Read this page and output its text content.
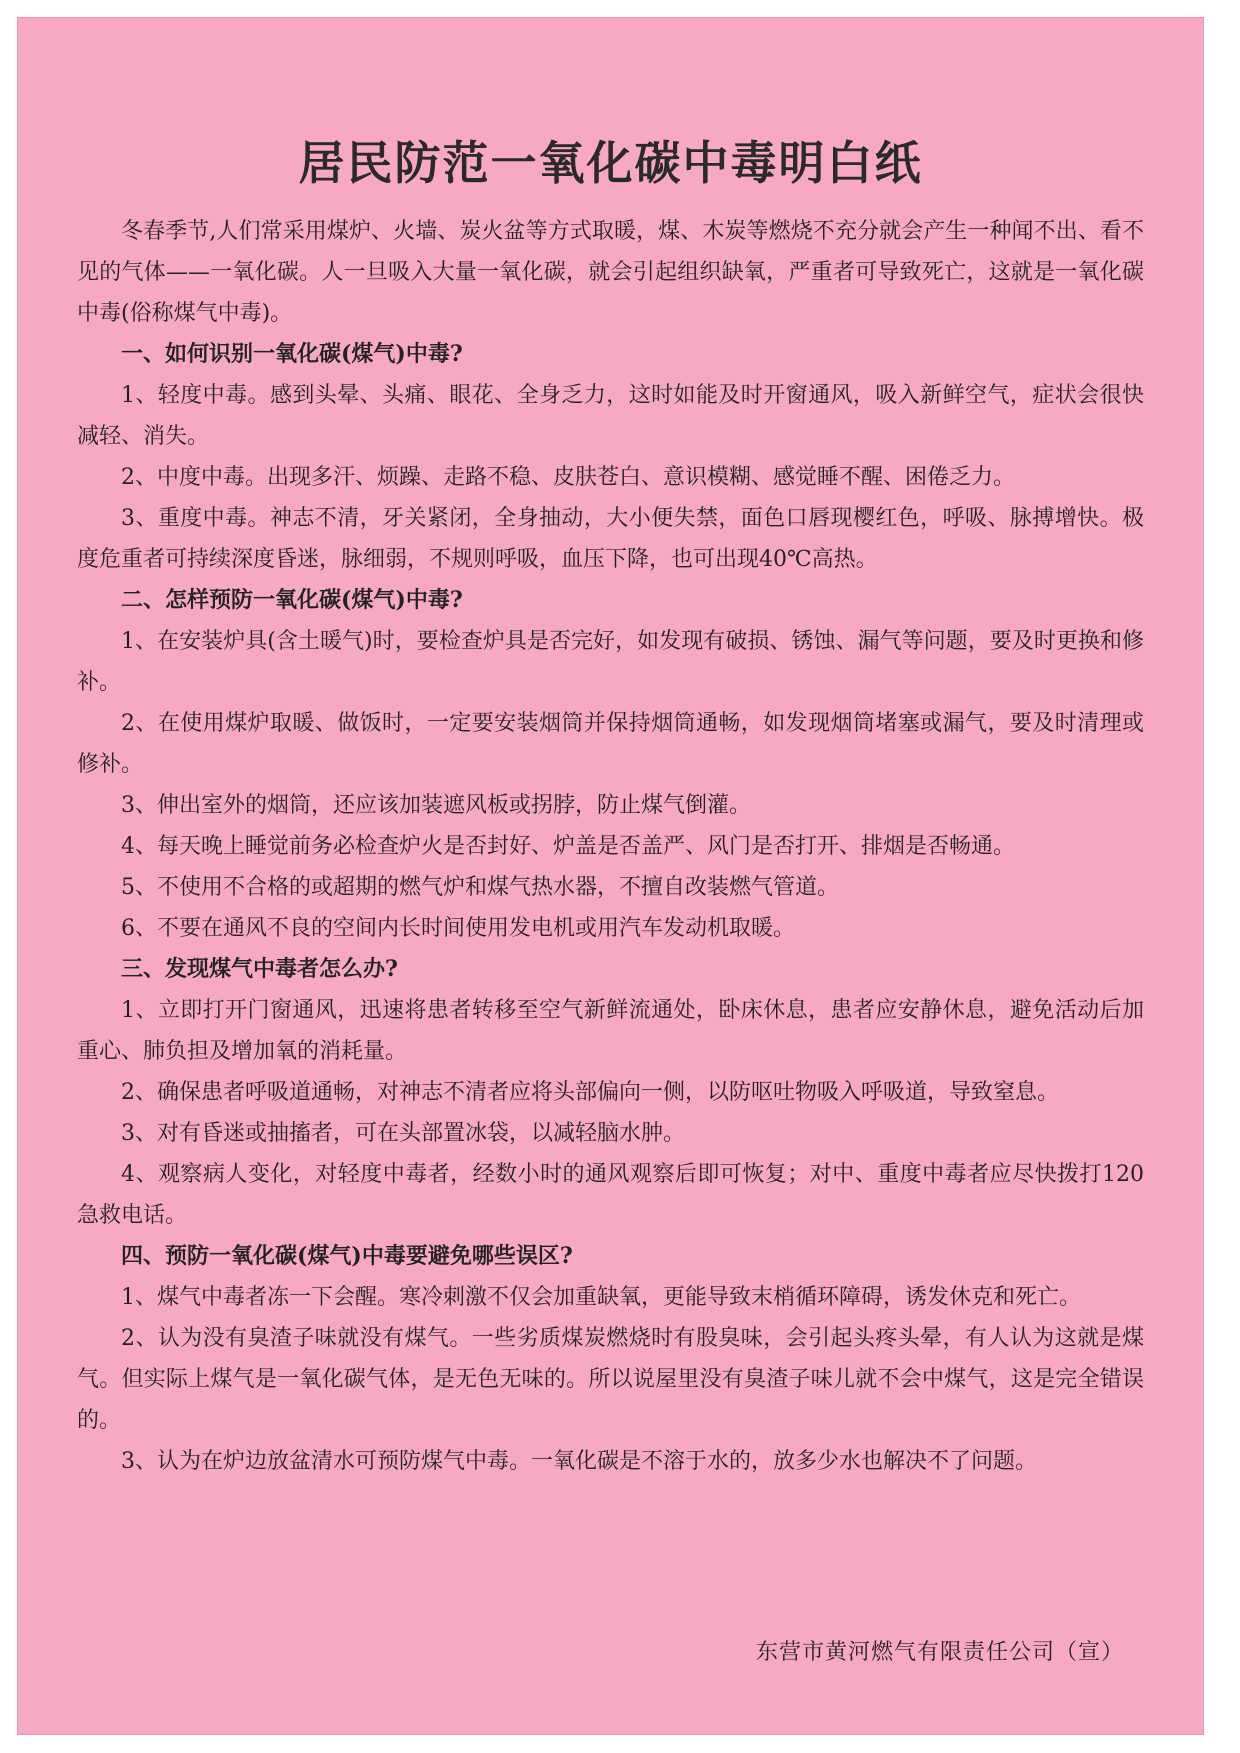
居民防范一氧化碳中毒明白纸

冬春季节,人们常采用煤炉、火墙、炭火盆等方式取暖，煤、木炭等燃烧不充分就会产生一种闻不出、看不见的气体——一氧化碳。人一旦吸入大量一氧化碳，就会引起组织缺氧，严重者可导致死亡，这就是一氧化碳中毒(俗称煤气中毒)。

一、如何识别一氧化碳(煤气)中毒?

1、轻度中毒。感到头晕、头痛、眼花、全身乏力，这时如能及时开窗通风，吸入新鲜空气，症状会很快减轻、消失。

2、中度中毒。出现多汗、烦躁、走路不稳、皮肤苍白、意识模糊、感觉睡不醒、困倦乏力。

3、重度中毒。神志不清，牙关紧闭，全身抽动，大小便失禁，面色口唇现樱红色，呼吸、脉搏增快。极度危重者可持续深度昏迷，脉细弱，不规则呼吸，血压下降，也可出现40℃高热。

二、怎样预防一氧化碳(煤气)中毒?

1、在安装炉具(含土暖气)时，要检查炉具是否完好，如发现有破损、锈蚀、漏气等问题，要及时更换和修补。

2、在使用煤炉取暖、做饭时，一定要安装烟筒并保持烟筒通畅，如发现烟筒堵塞或漏气，要及时清理或修补。

3、伸出室外的烟筒，还应该加装遮风板或拐脖，防止煤气倒灌。

4、每天晚上睡觉前务必检查炉火是否封好、炉盖是否盖严、风门是否打开、排烟是否畅通。

5、不使用不合格的或超期的燃气炉和煤气热水器，不擅自改装燃气管道。

6、不要在通风不良的空间内长时间使用发电机或用汽车发动机取暖。

三、发现煤气中毒者怎么办?

1、立即打开门窗通风，迅速将患者转移至空气新鲜流通处，卧床休息，患者应安静休息，避免活动后加重心、肺负担及增加氧的消耗量。

2、确保患者呼吸道通畅，对神志不清者应将头部偏向一侧，以防呕吐物吸入呼吸道，导致窒息。

3、对有昏迷或抽搐者，可在头部置冰袋，以减轻脑水肿。

4、观察病人变化，对轻度中毒者，经数小时的通风观察后即可恢复；对中、重度中毒者应尽快拨打120急救电话。

四、预防一氧化碳(煤气)中毒要避免哪些误区?

1、煤气中毒者冻一下会醒。寒冷刺激不仅会加重缺氧，更能导致末梢循环障碍，诱发休克和死亡。

2、认为没有臭渣子味就没有煤气。一些劣质煤炭燃烧时有股臭味，会引起头疼头晕，有人认为这就是煤气。但实际上煤气是一氧化碳气体，是无色无味的。所以说屋里没有臭渣子味儿就不会中煤气，这是完全错误的。

3、认为在炉边放盆清水可预防煤气中毒。一氧化碳是不溶于水的，放多少水也解决不了问题。

东营市黄河燃气有限责任公司（宣）
